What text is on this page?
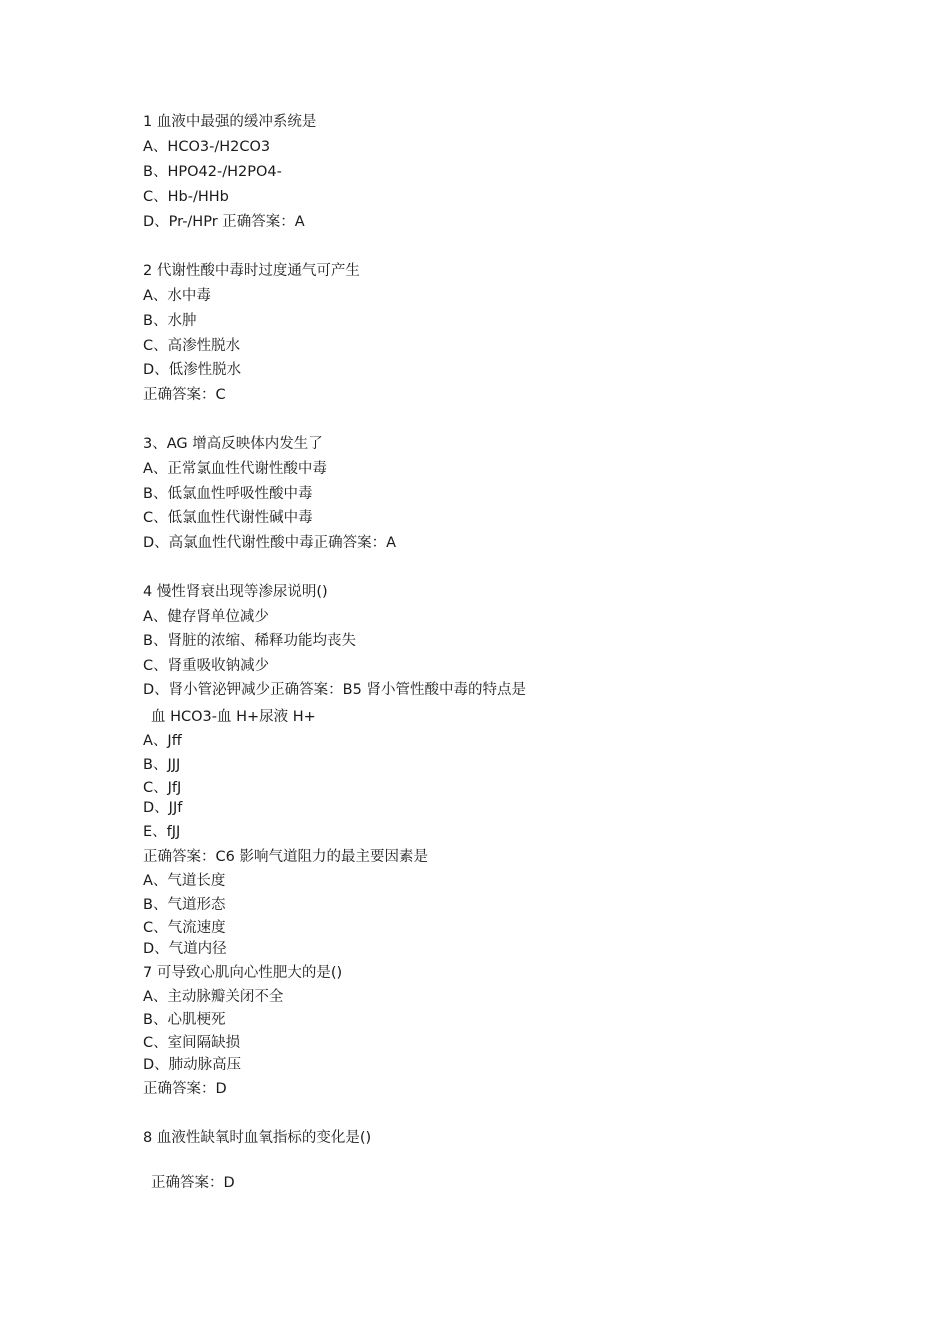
1 血液中最强的缓冲系统是
A、HCO3-/H2CO3
B、HPO42-/H2PO4-
C、Hb-/HHb
D、Pr-/HPr 正确答案：A
2 代谢性酸中毒时过度通气可产生
A、水中毒
B、水肿
C、高渗性脱水
D、低渗性脱水
正确答案：C
3、AG 增高反映体内发生了
A、正常氯血性代谢性酸中毒
B、低氯血性呼吸性酸中毒
C、低氯血性代谢性碱中毒
D、高氯血性代谢性酸中毒正确答案：A
4 慢性肾衰出现等渗尿说明()
A、健存肾单位减少
B、肾脏的浓缩、稀释功能均丧失
C、肾重吸收钠减少
D、肾小管泌钾减少正确答案：B5 肾小管性酸中毒的特点是
血 HCO3-血 H+尿液 H+
A、Jff
B、JJJ
C、JfJ
D、JJf
E、fJJ
正确答案：C6 影响气道阻力的最主要因素是
A、气道长度
B、气道形态
C、气流速度
D、气道内径
7 可导致心肌向心性肥大的是()
A、主动脉瓣关闭不全
B、心肌梗死
C、室间隔缺损
D、肺动脉高压
正确答案：D
8 血液性缺氧时血氧指标的变化是()
正确答案：D
